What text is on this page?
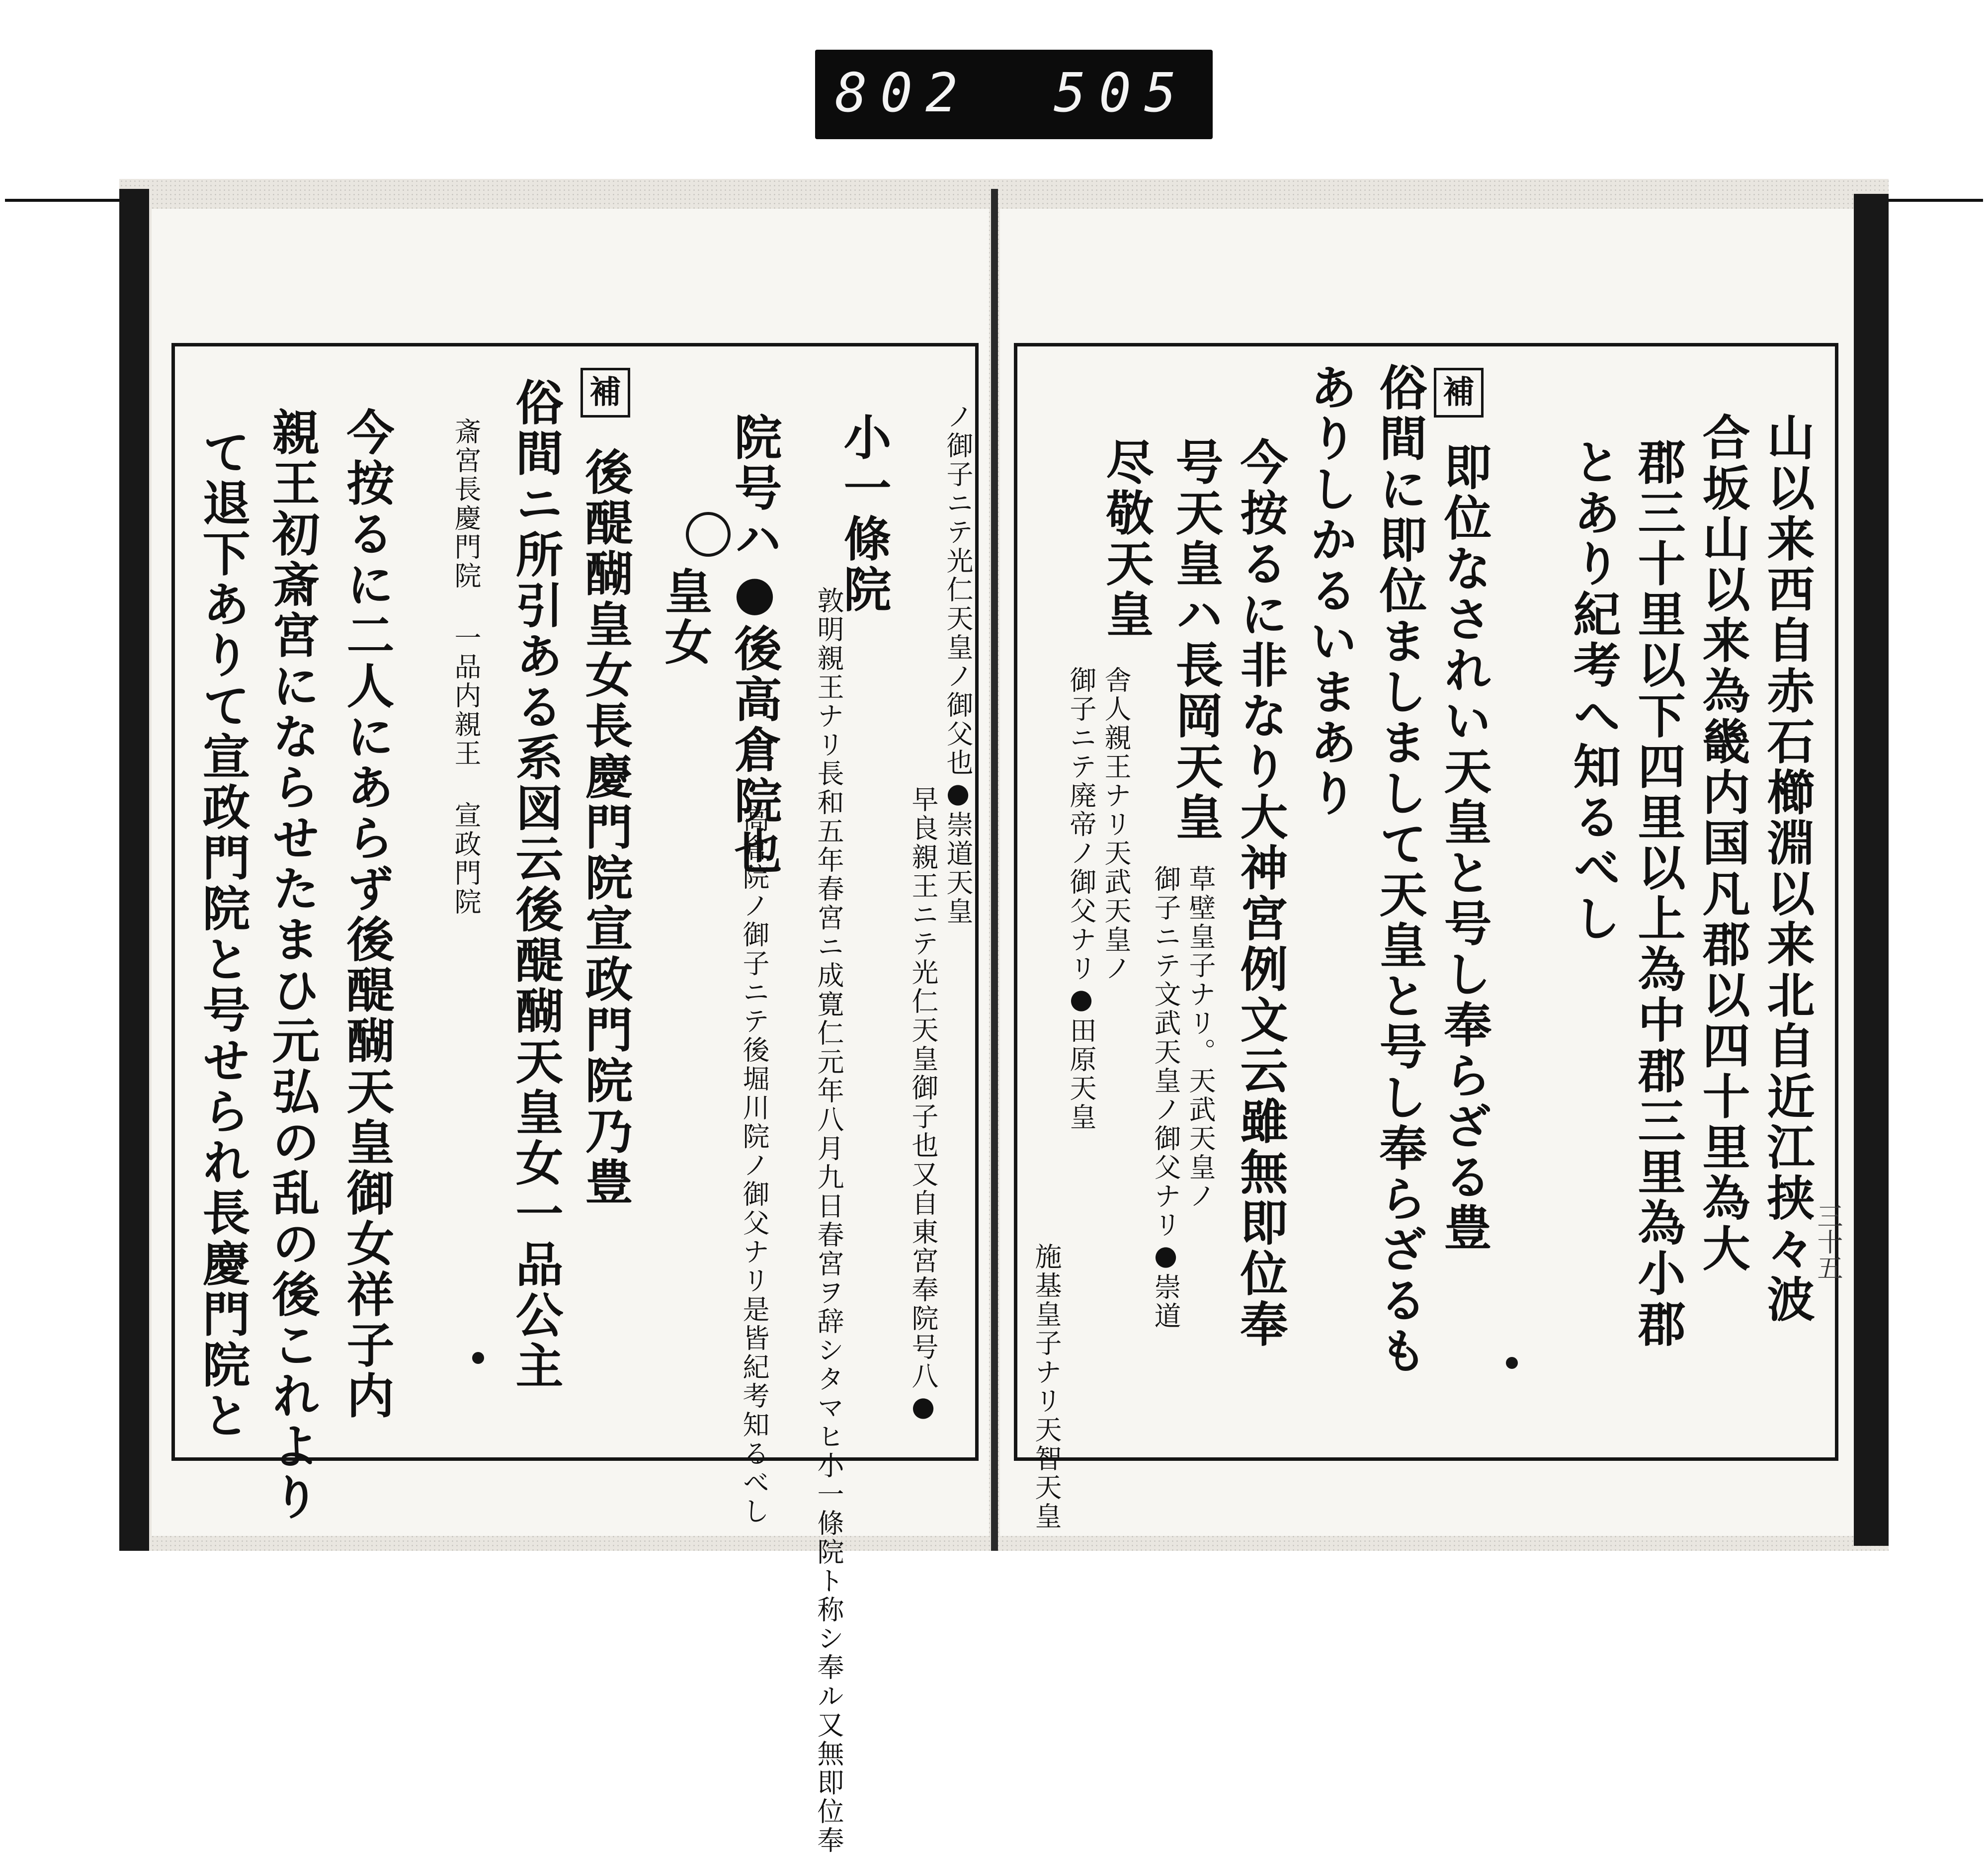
802 505
三十五
補
山以来西自赤石櫛淵以来北自近江挟々波
合坂山以来為畿内国凡郡以四十里為大
郡三十里以下四里以上為中郡三里為小郡
とあり紀考へ知るべし
即位なされい天皇と号し奉らざる豊
俗間に即位ましまして天皇と号し奉らざるも
ありしかるいまあり
今按るに非なり大神宮例文云雖無即位奉
号天皇ハ長岡天皇
草壁皇子ナリ。天武天皇ノ
御子ニテ文武天皇ノ御父ナリ●崇道
尽敬天皇
舎人親王ナリ天武天皇ノ
御子ニテ廃帝ノ御父ナリ●田原天皇
施基皇子ナリ天智天皇
補
ノ御子ニテ光仁天皇ノ御父也●崇道天皇
早良親王ニテ光仁天皇御子也又自東宮奉院号八●
小一條院
敦明親王ナリ長和五年春宮ニ成寛仁元年八月九日春宮ヲ辞シタマヒ小一條院ト称シ奉ル又無即位奉
院号ハ●後高倉院也
高倉院ノ御子ニテ後堀川院ノ御父ナリ是皆紀考知るべし
皇女
後醍醐皇女長慶門院宣政門院乃豊
俗間ニ所引ある系図云後醍醐天皇女一品公主
斎宮長慶門院 一品内親王 宣政門院
今按るに二人にあらず後醍醐天皇御女祥子内
親王初斎宮にならせたまひ元弘の乱の後これより
て退下ありて宣政門院と号せられ長慶門院と
